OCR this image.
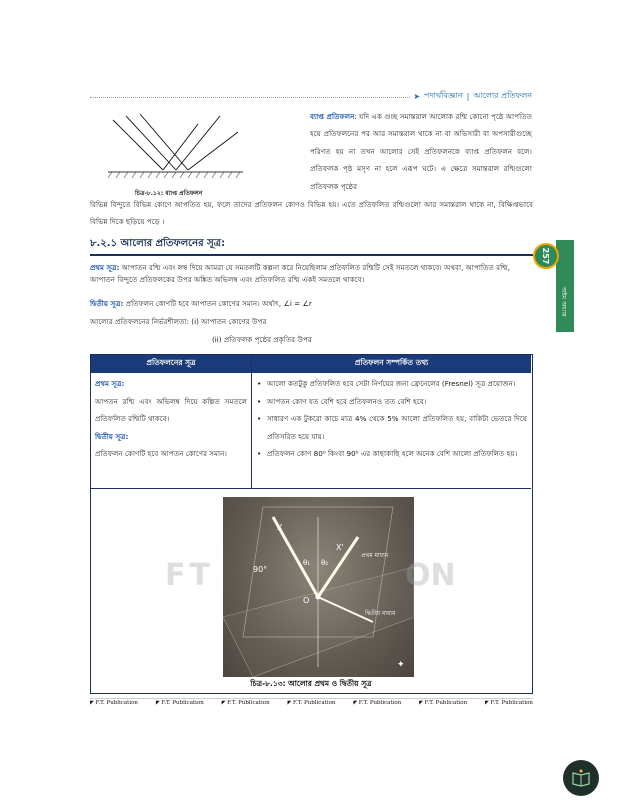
➤ পদার্থবিজ্ঞান | আলোর প্রতিফলন
চিত্র-৮.১২: ব্যাপ্ত প্রতিফলন
ব্যাপ্ত প্রতিফলন: যদি এক গুচ্ছ সমান্তরাল আলোক রশ্মি কোনো পৃষ্ঠে আপতিত হয়ে প্রতিফলনের পর আর সমান্তরাল থাকে না বা অভিসারী বা অপসারীগুচ্ছে পরিণত হয় না তখন আলোর সেই প্রতিফলনকে ব্যাপ্ত প্রতিফলন বলে। প্রতিফলক পৃষ্ঠ মসৃণ না হলে এরূপ ঘটে। এ ক্ষেত্রে সমান্তরাল রশ্মিগুলো প্রতিফলক পৃষ্ঠের
বিভিন্ন বিন্দুতে বিভিন্ন কোণে আপতিত হয়, ফলে তাদের প্রতিফলন কোণও বিভিন্ন হয়। এতে প্রতিফলিত রশ্মিগুলো আর সমান্তরাল থাকে না, বিক্ষিপ্তভাবে বিভিন্ন দিকে ছড়িয়ে পড়ে ।
৮.২.১ আলোর প্রতিফলনের সূত্র:
257
অষ্টম অধ্যায়
প্রথম সূত্র: আপাতন রশ্মি এবং লম্ব দিয়ে আমরা যে সমতলটি কল্পনা করে নিয়েছিলাম প্রতিফলিত রশ্মিটি সেই সমতলে থাকবে। অথবা, আপাতিত রশ্মি, আপাতন বিন্দুতে প্রতিফলকের উপর অঙ্কিত অভিলম্ব এবং প্রতিফলিত রশ্মি একই সমতলে থাকবে।
দ্বিতীয় সূত্র: প্রতিফলন কোণটি হবে আপাতন কোণের সমান। অর্থাৎ, ∠i = ∠r
আলোর প্রতিফলনের নির্ভরশীলতা: (i) আপাতন কোণের উপর
(ii) প্রতিফলক পৃষ্ঠের প্রকৃতির উপর
প্রতিফলনের সূত্র	প্রতিফলন সম্পর্কিত তথ্য
প্রথম সূত্র:
আপতন রশ্মি এবং অভিলম্ব দিয়ে কল্পিত সমতলে প্রতিফলিত রশ্মিটি থাকবে।
দ্বিতীয় সূত্র:
প্রতিফলন কোণটি হবে আপতন কোণের সমান।
• আলো কতটুকু প্রতিফলিত হবে সেটা নির্ণয়ের জন্য ফ্রেনেলের (Fresnel) সূত্র প্রয়োজন।
• আপতন কোণ যত বেশি হবে প্রতিফলনও তত বেশি হবে।
• সাধারণ এক টুকরো কাচে মাত্র 4% থেকে 5% আলো প্রতিফলিত হয়, বাকিটা ভেতরে দিয়ে প্রতিসরিত হয়ে যায়।
• প্রতিফলন কোণ 80⁰ কিংবা 90⁰ এর কাছাকাছি হলে অনেক বেশি আলো প্রতিফলিত হয়।
X
X'
θ₁ θ₂
90°
O
প্রথম মাধ্যম
দ্বিতীয় মাধ্যম
✦
চিত্র-৮.১৩: আলোর প্রথম ও দ্বিতীয় সূত্র
FT	ON
◤ F.T. Publication	◤ F.T. Publication	◤ F.T. Publication	◤ F.T. Publication	◤ F.T. Publication	◤ F.T. Publication	◤ F.T. Publication
